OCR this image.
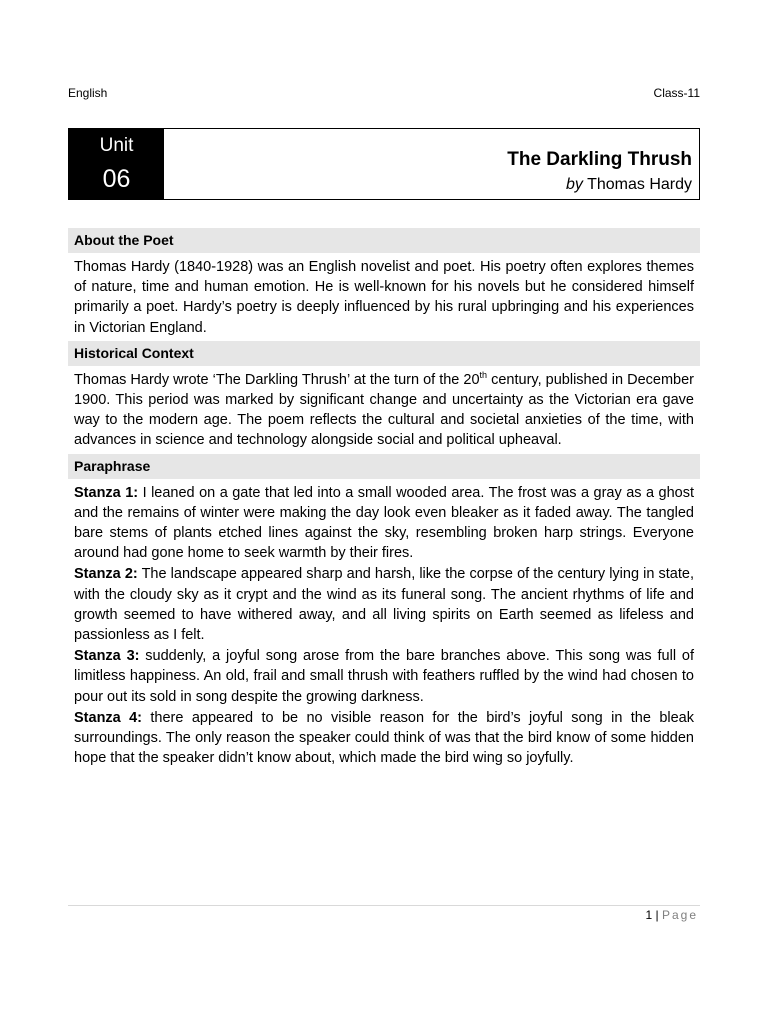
English	Class-11
Unit
06
The Darkling Thrush
by Thomas Hardy
About the Poet
Thomas Hardy (1840-1928) was an English novelist and poet. His poetry often explores themes of nature, time and human emotion. He is well-known for his novels but he considered himself primarily a poet. Hardy’s poetry is deeply influenced by his rural upbringing and his experiences in Victorian England.
Historical Context
Thomas Hardy wrote ‘The Darkling Thrush’ at the turn of the 20th century, published in December 1900. This period was marked by significant change and uncertainty as the Victorian era gave way to the modern age. The poem reflects the cultural and societal anxieties of the time, with advances in science and technology alongside social and political upheaval.
Paraphrase
Stanza 1: I leaned on a gate that led into a small wooded area. The frost was a gray as a ghost and the remains of winter were making the day look even bleaker as it faded away. The tangled bare stems of plants etched lines against the sky, resembling broken harp strings. Everyone around had gone home to seek warmth by their fires.
Stanza 2: The landscape appeared sharp and harsh, like the corpse of the century lying in state, with the cloudy sky as it crypt and the wind as its funeral song. The ancient rhythms of life and growth seemed to have withered away, and all living spirits on Earth seemed as lifeless and passionless as I felt.
Stanza 3: suddenly, a joyful song arose from the bare branches above. This song was full of limitless happiness. An old, frail and small thrush with feathers ruffled by the wind had chosen to pour out its sold in song despite the growing darkness.
Stanza 4: there appeared to be no visible reason for the bird’s joyful song in the bleak surroundings. The only reason the speaker could think of was that the bird know of some hidden hope that the speaker didn’t know about, which made the bird wing so joyfully.
1 | Page
